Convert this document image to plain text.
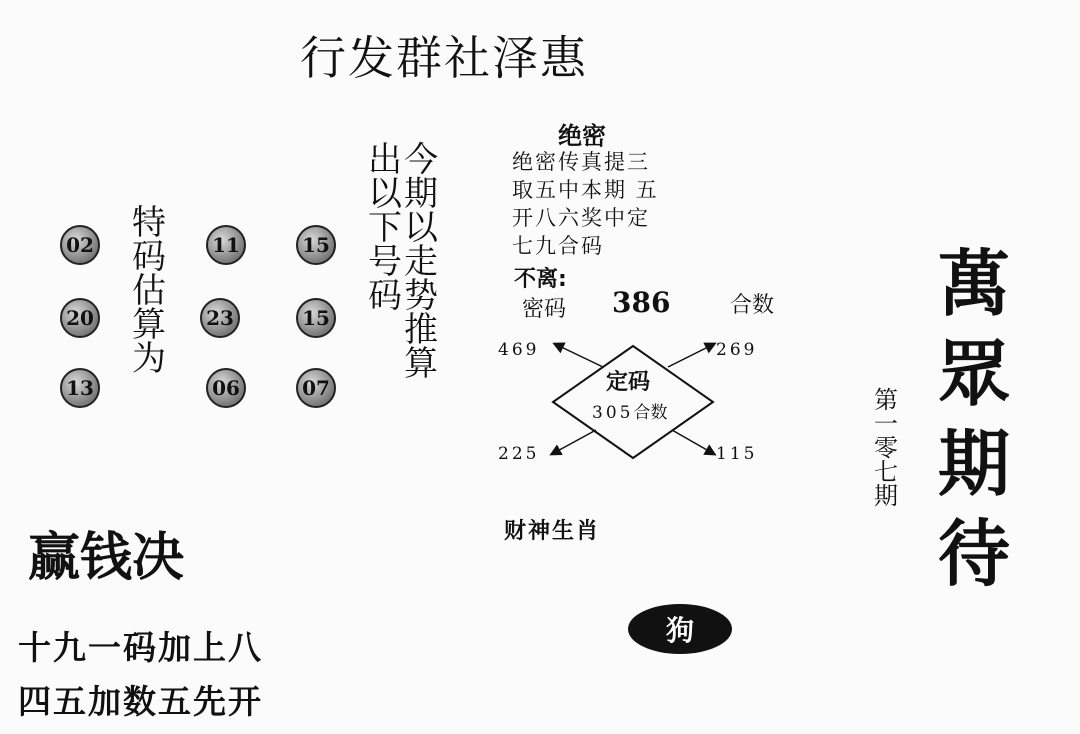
行发群社泽惠
02	11	15
20	23	15
13	06	07
特
码
估
算
为
出
以
下
号
码
今
期
以
走
势
推
算
绝密
绝密传真提三
取五中本期 五
开八六奖中定
七九合码
不离:
密码 386	合数
469	269
225	115
定码
305合数
财神生肖
狗
赢钱决
十九一码加上八
四五加数五先开
第
一
零
七
期
萬
眾
期
待
